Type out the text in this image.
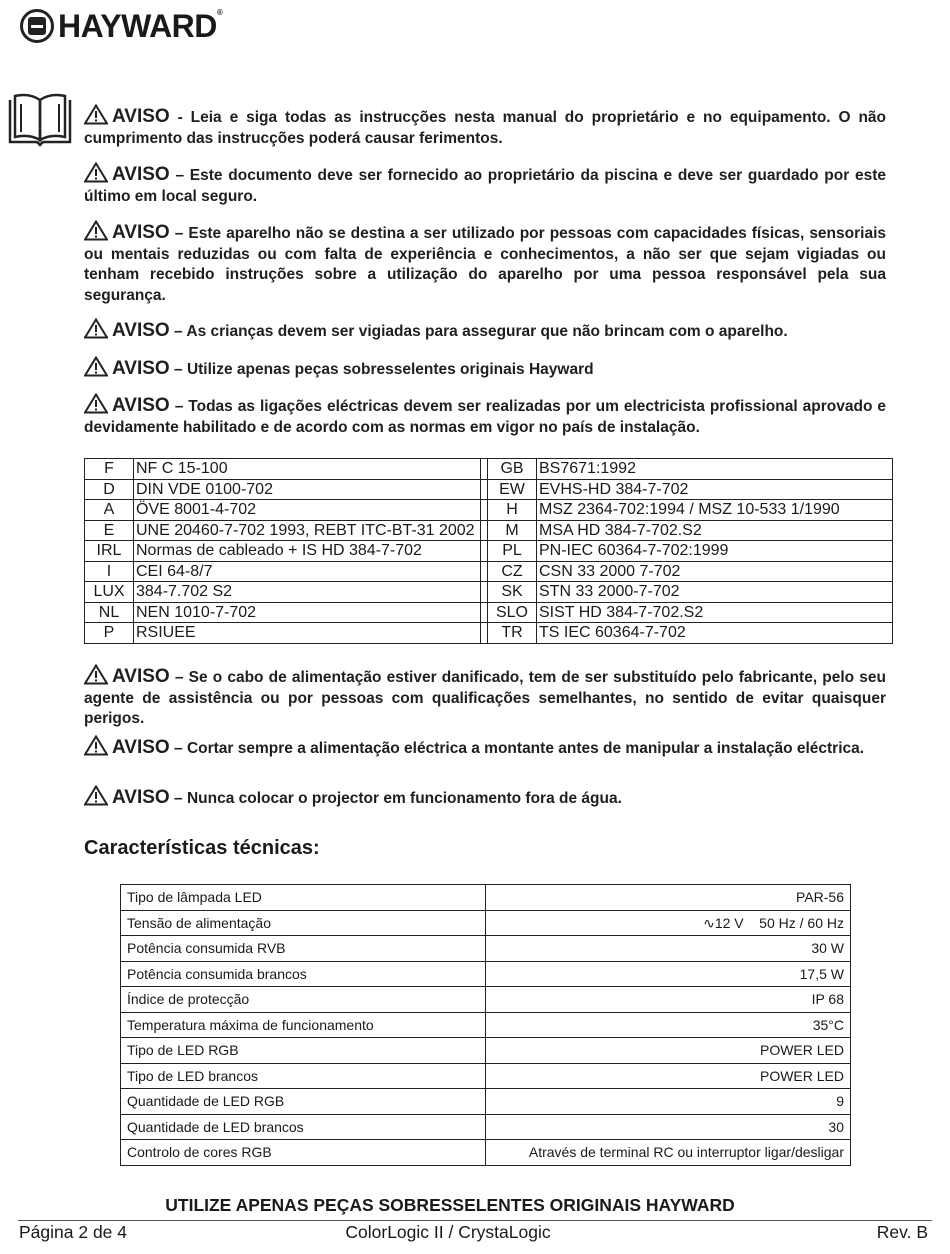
HAYWARD®
AVISO - Leia e siga todas as instrucções nesta manual do proprietário e no equipamento. O não cumprimento das instrucções poderá causar ferimentos.
AVISO – Este documento deve ser fornecido ao proprietário da piscina e deve ser guardado por este último em local seguro.
AVISO – Este aparelho não se destina a ser utilizado por pessoas com capacidades físicas, sensoriais ou mentais reduzidas ou com falta de experiência e conhecimentos, a não ser que sejam vigiadas ou tenham recebido instruções sobre a utilização do aparelho por uma pessoa responsável pela sua segurança.
AVISO – As crianças devem ser vigiadas para assegurar que não brincam com o aparelho.
AVISO – Utilize apenas peças sobresselentes originais Hayward
AVISO – Todas as ligações eléctricas devem ser realizadas por um electricista profissional aprovado e devidamente habilitado e de acordo com as normas em vigor no país de instalação.
F	NF C 15-100		GB	BS7671:1992
D	DIN VDE 0100-702		EW	EVHS-HD 384-7-702
A	ÖVE 8001-4-702		H	MSZ 2364-702:1994 / MSZ 10-533 1/1990
E	UNE 20460-7-702 1993, REBT ITC-BT-31 2002		M	MSA HD 384-7-702.S2
IRL	Normas de cableado + IS HD 384-7-702		PL	PN-IEC 60364-7-702:1999
I	CEI 64-8/7		CZ	CSN 33 2000 7-702
LUX	384-7.702 S2		SK	STN 33 2000-7-702
NL	NEN 1010-7-702		SLO	SIST HD 384-7-702.S2
P	RSIUEE		TR	TS IEC 60364-7-702
AVISO – Se o cabo de alimentação estiver danificado, tem de ser substituído pelo fabricante, pelo seu agente de assistência ou por pessoas com qualificações semelhantes, no sentido de evitar quaisquer perigos.
AVISO – Cortar sempre a alimentação eléctrica a montante antes de manipular a instalação eléctrica.
AVISO – Nunca colocar o projector em funcionamento fora de água.
Características técnicas:
Tipo de lâmpada LED	PAR-56
Tensão de alimentação	∿12 V    50 Hz / 60 Hz
Potência consumida RVB	30 W
Potência consumida brancos	17,5 W
Índice de protecção	IP 68
Temperatura máxima de funcionamento	35°C
Tipo de LED RGB	POWER LED
Tipo de LED brancos	POWER LED
Quantidade de LED RGB	9
Quantidade de LED brancos	30
Controlo de cores RGB	Através de terminal RC ou interruptor ligar/desligar
UTILIZE APENAS PEÇAS SOBRESSELENTES ORIGINAIS HAYWARD
Página 2 de 4	ColorLogic II / CrystaLogic	Rev. B
